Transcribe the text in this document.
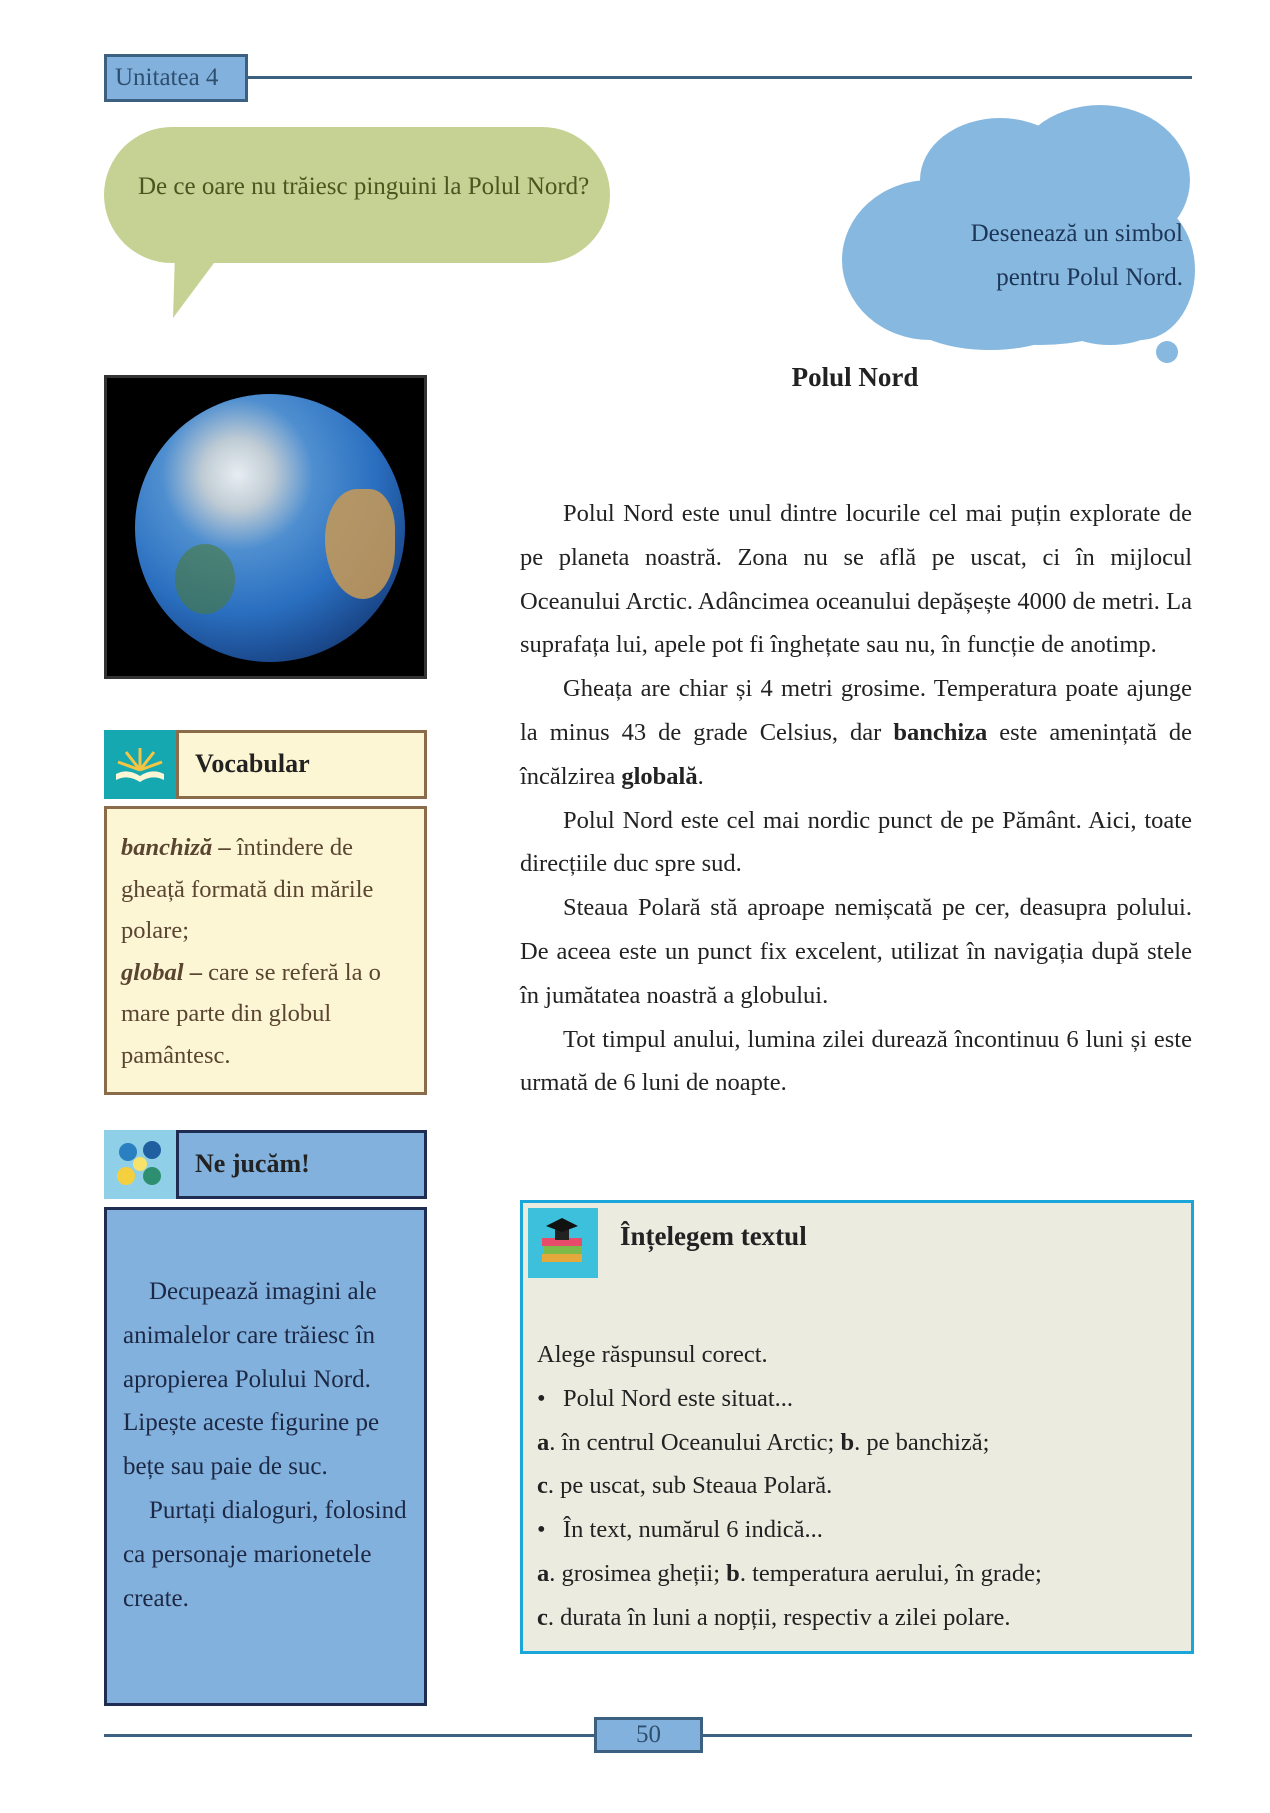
Unitatea 4
De ce oare nu trăiesc pinguini la Polul Nord?
Desenează un simbol pentru Polul Nord.
Polul Nord

Polul Nord este unul dintre locurile cel mai puțin explorate de pe planeta noastră. Zona nu se află pe uscat, ci în mijlocul Oceanului Arctic. Adâncimea oceanului depășește 4000 de metri. La suprafața lui, apele pot fi înghețate sau nu, în funcție de anotimp.

Gheața are chiar și 4 metri grosime. Temperatura poate ajunge la minus 43 de grade Celsius, dar banchiza este amenințată de încălzirea globală.

Polul Nord este cel mai nordic punct de pe Pământ. Aici, toate direcțiile duc spre sud.

Steaua Polară stă aproape nemișcată pe cer, deasupra polului. De aceea este un punct fix excelent, utilizat în navigația după stele în jumătatea noastră a globului.

Tot timpul anului, lumina zilei durează încontinuu 6 luni și este urmată de 6 luni de noapte.

Vocabular
banchiză – întindere de gheață formată din mările polare;
global – care se referă la o mare parte din globul pamântesc.
Ne jucăm!

Decupează imagini ale animalelor care trăiesc în apropierea Polului Nord. Lipește aceste figurine pe bețe sau paie de suc.

Purtați dialoguri, folosind ca personaje marionetele create.

Înțelegem textul
Alege răspunsul corect.
• Polul Nord este situat...
a. în centrul Oceanului Arctic; b. pe banchiză;
c. pe uscat, sub Steaua Polară.
• În text, numărul 6 indică...
a. grosimea gheții; b. temperatura aerului, în grade;
c. durata în luni a nopții, respectiv a zilei polare.
50
